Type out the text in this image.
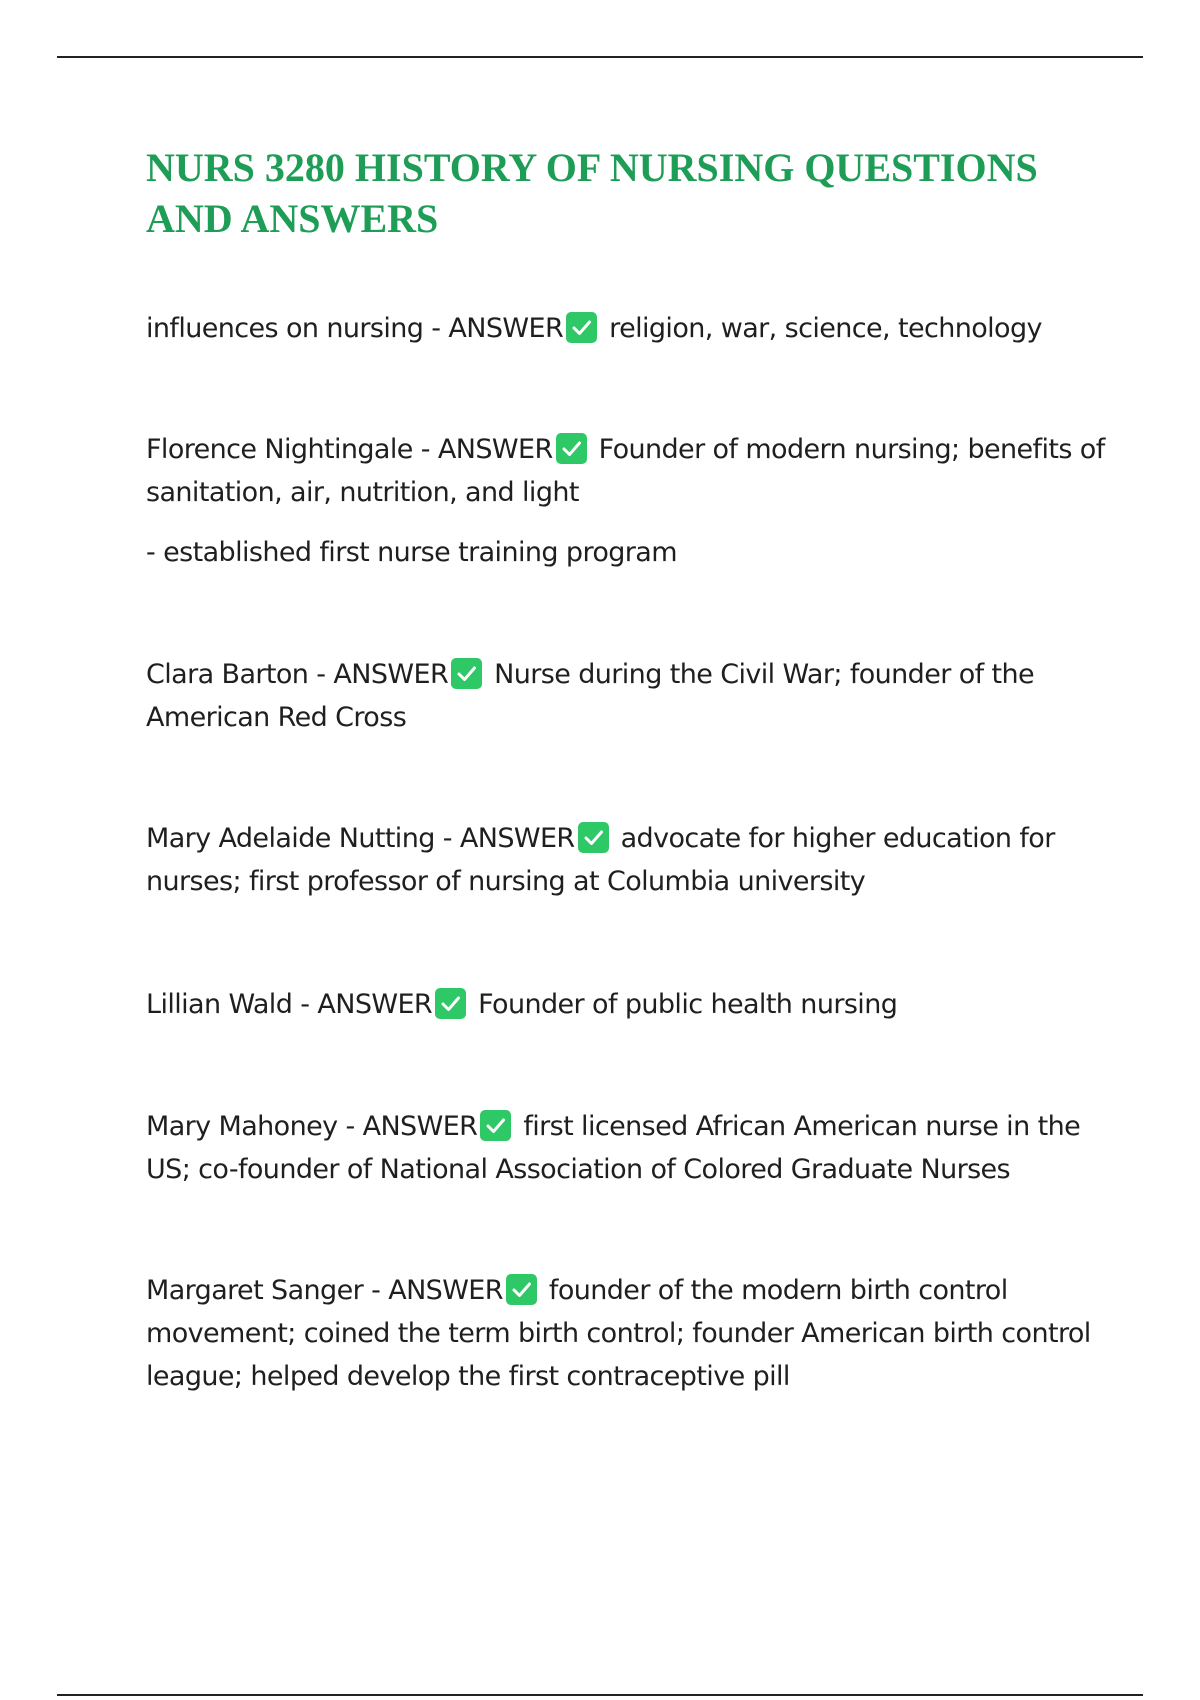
NURS 3280 HISTORY OF NURSING QUESTIONS AND ANSWERS

influences on nursing - ANSWER religion, war, science, technology

Florence Nightingale - ANSWER Founder of modern nursing; benefits of sanitation, air, nutrition, and light

- established first nurse training program

Clara Barton - ANSWER Nurse during the Civil War; founder of the American Red Cross

Mary Adelaide Nutting - ANSWER advocate for higher education for nurses; first professor of nursing at Columbia university

Lillian Wald - ANSWER Founder of public health nursing

Mary Mahoney - ANSWER first licensed African American nurse in the US; co-founder of National Association of Colored Graduate Nurses

Margaret Sanger - ANSWER founder of the modern birth control movement; coined the term birth control; founder American birth control league; helped develop the first contraceptive pill
